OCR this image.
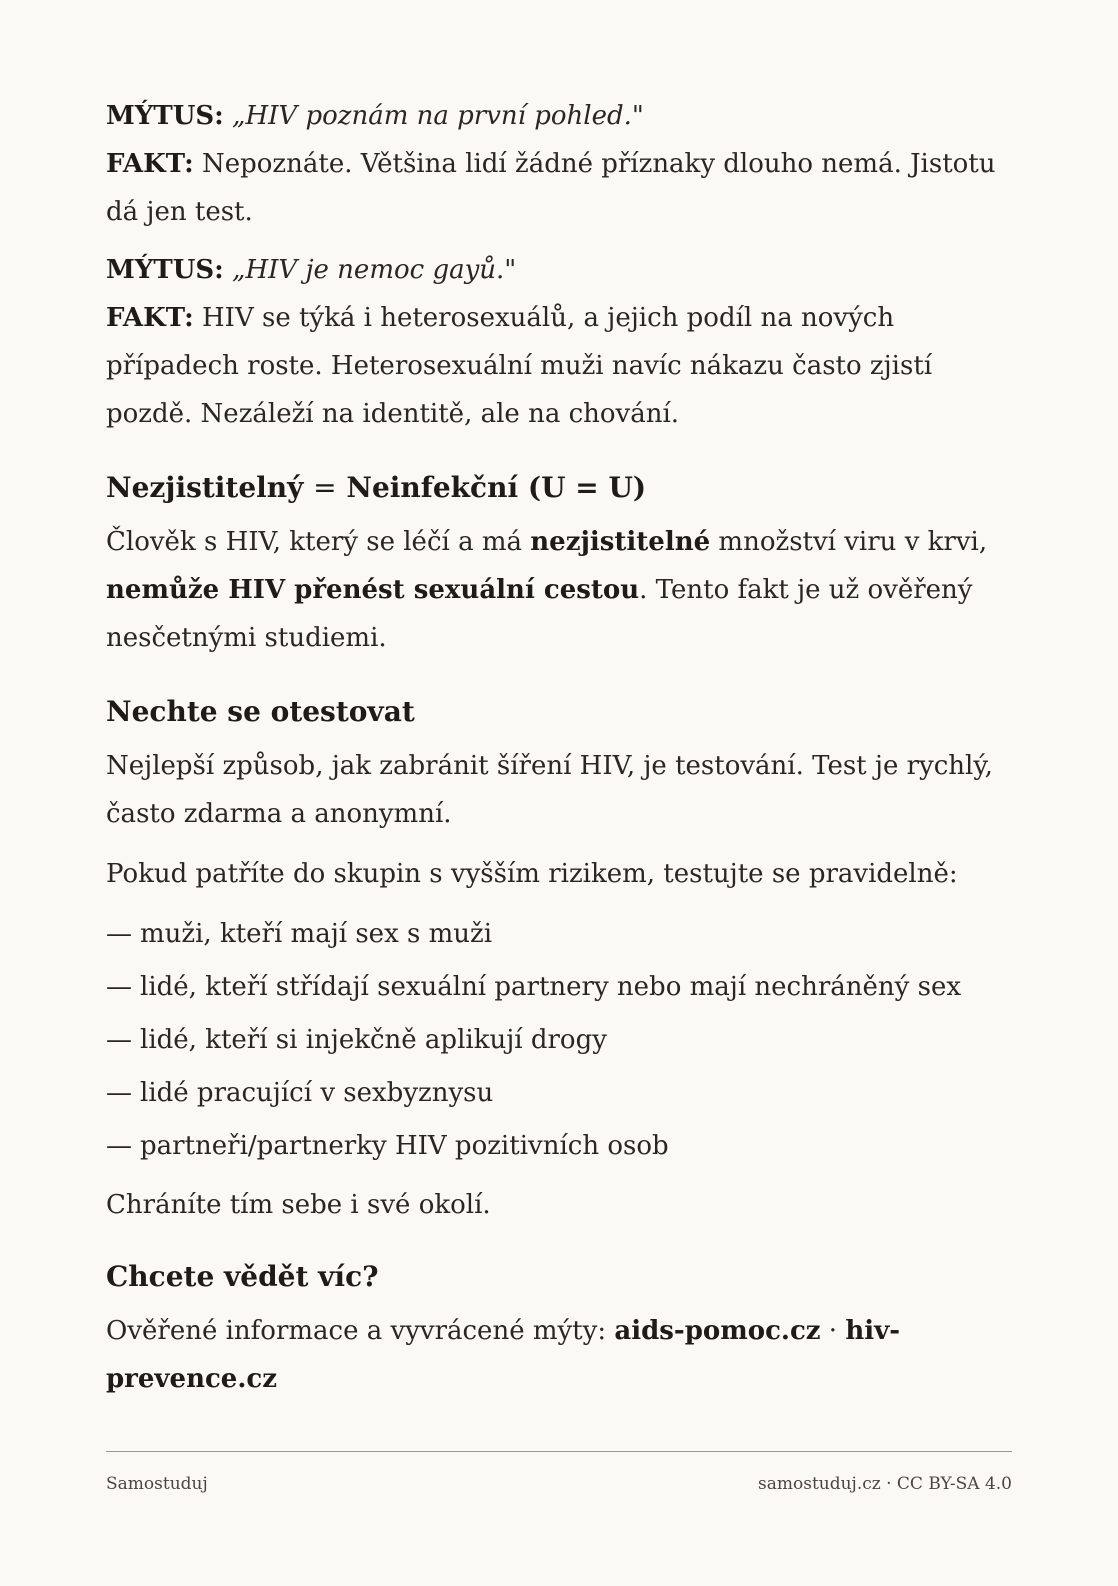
MÝTUS: „HIV poznám na první pohled."

FAKT: Nepoznáte. Většina lidí žádné příznaky dlouho nemá. Jistotu dá jen test.

MÝTUS: „HIV je nemoc gayů."

FAKT: HIV se týká i heterosexuálů, a jejich podíl na nových případech roste. Heterosexuální muži navíc nákazu často zjistí pozdě. Nezáleží na identitě, ale na chování.

Nezjistitelný = Neinfekční (U = U)

Člověk s HIV, který se léčí a má nezjistitelné množství viru v krvi, nemůže HIV přenést sexuální cestou. Tento fakt je už ověřený nesčetnými studiemi.

Nechte se otestovat

Nejlepší způsob, jak zabránit šíření HIV, je testování. Test je rychlý, často zdarma a anonymní.

Pokud patříte do skupin s vyšším rizikem, testujte se pravidelně:

— muži, kteří mají sex s muži
— lidé, kteří střídají sexuální partnery nebo mají nechráněný sex
— lidé, kteří si injekčně aplikují drogy
— lidé pracující v sexbyznysu
— partneři/partnerky HIV pozitivních osob

Chráníte tím sebe i své okolí.

Chcete vědět víc?

Ověřené informace a vyvrácené mýty: aids-pomoc.cz · hiv-prevence.cz

Samostuduj	samostuduj.cz · CC BY-SA 4.0
